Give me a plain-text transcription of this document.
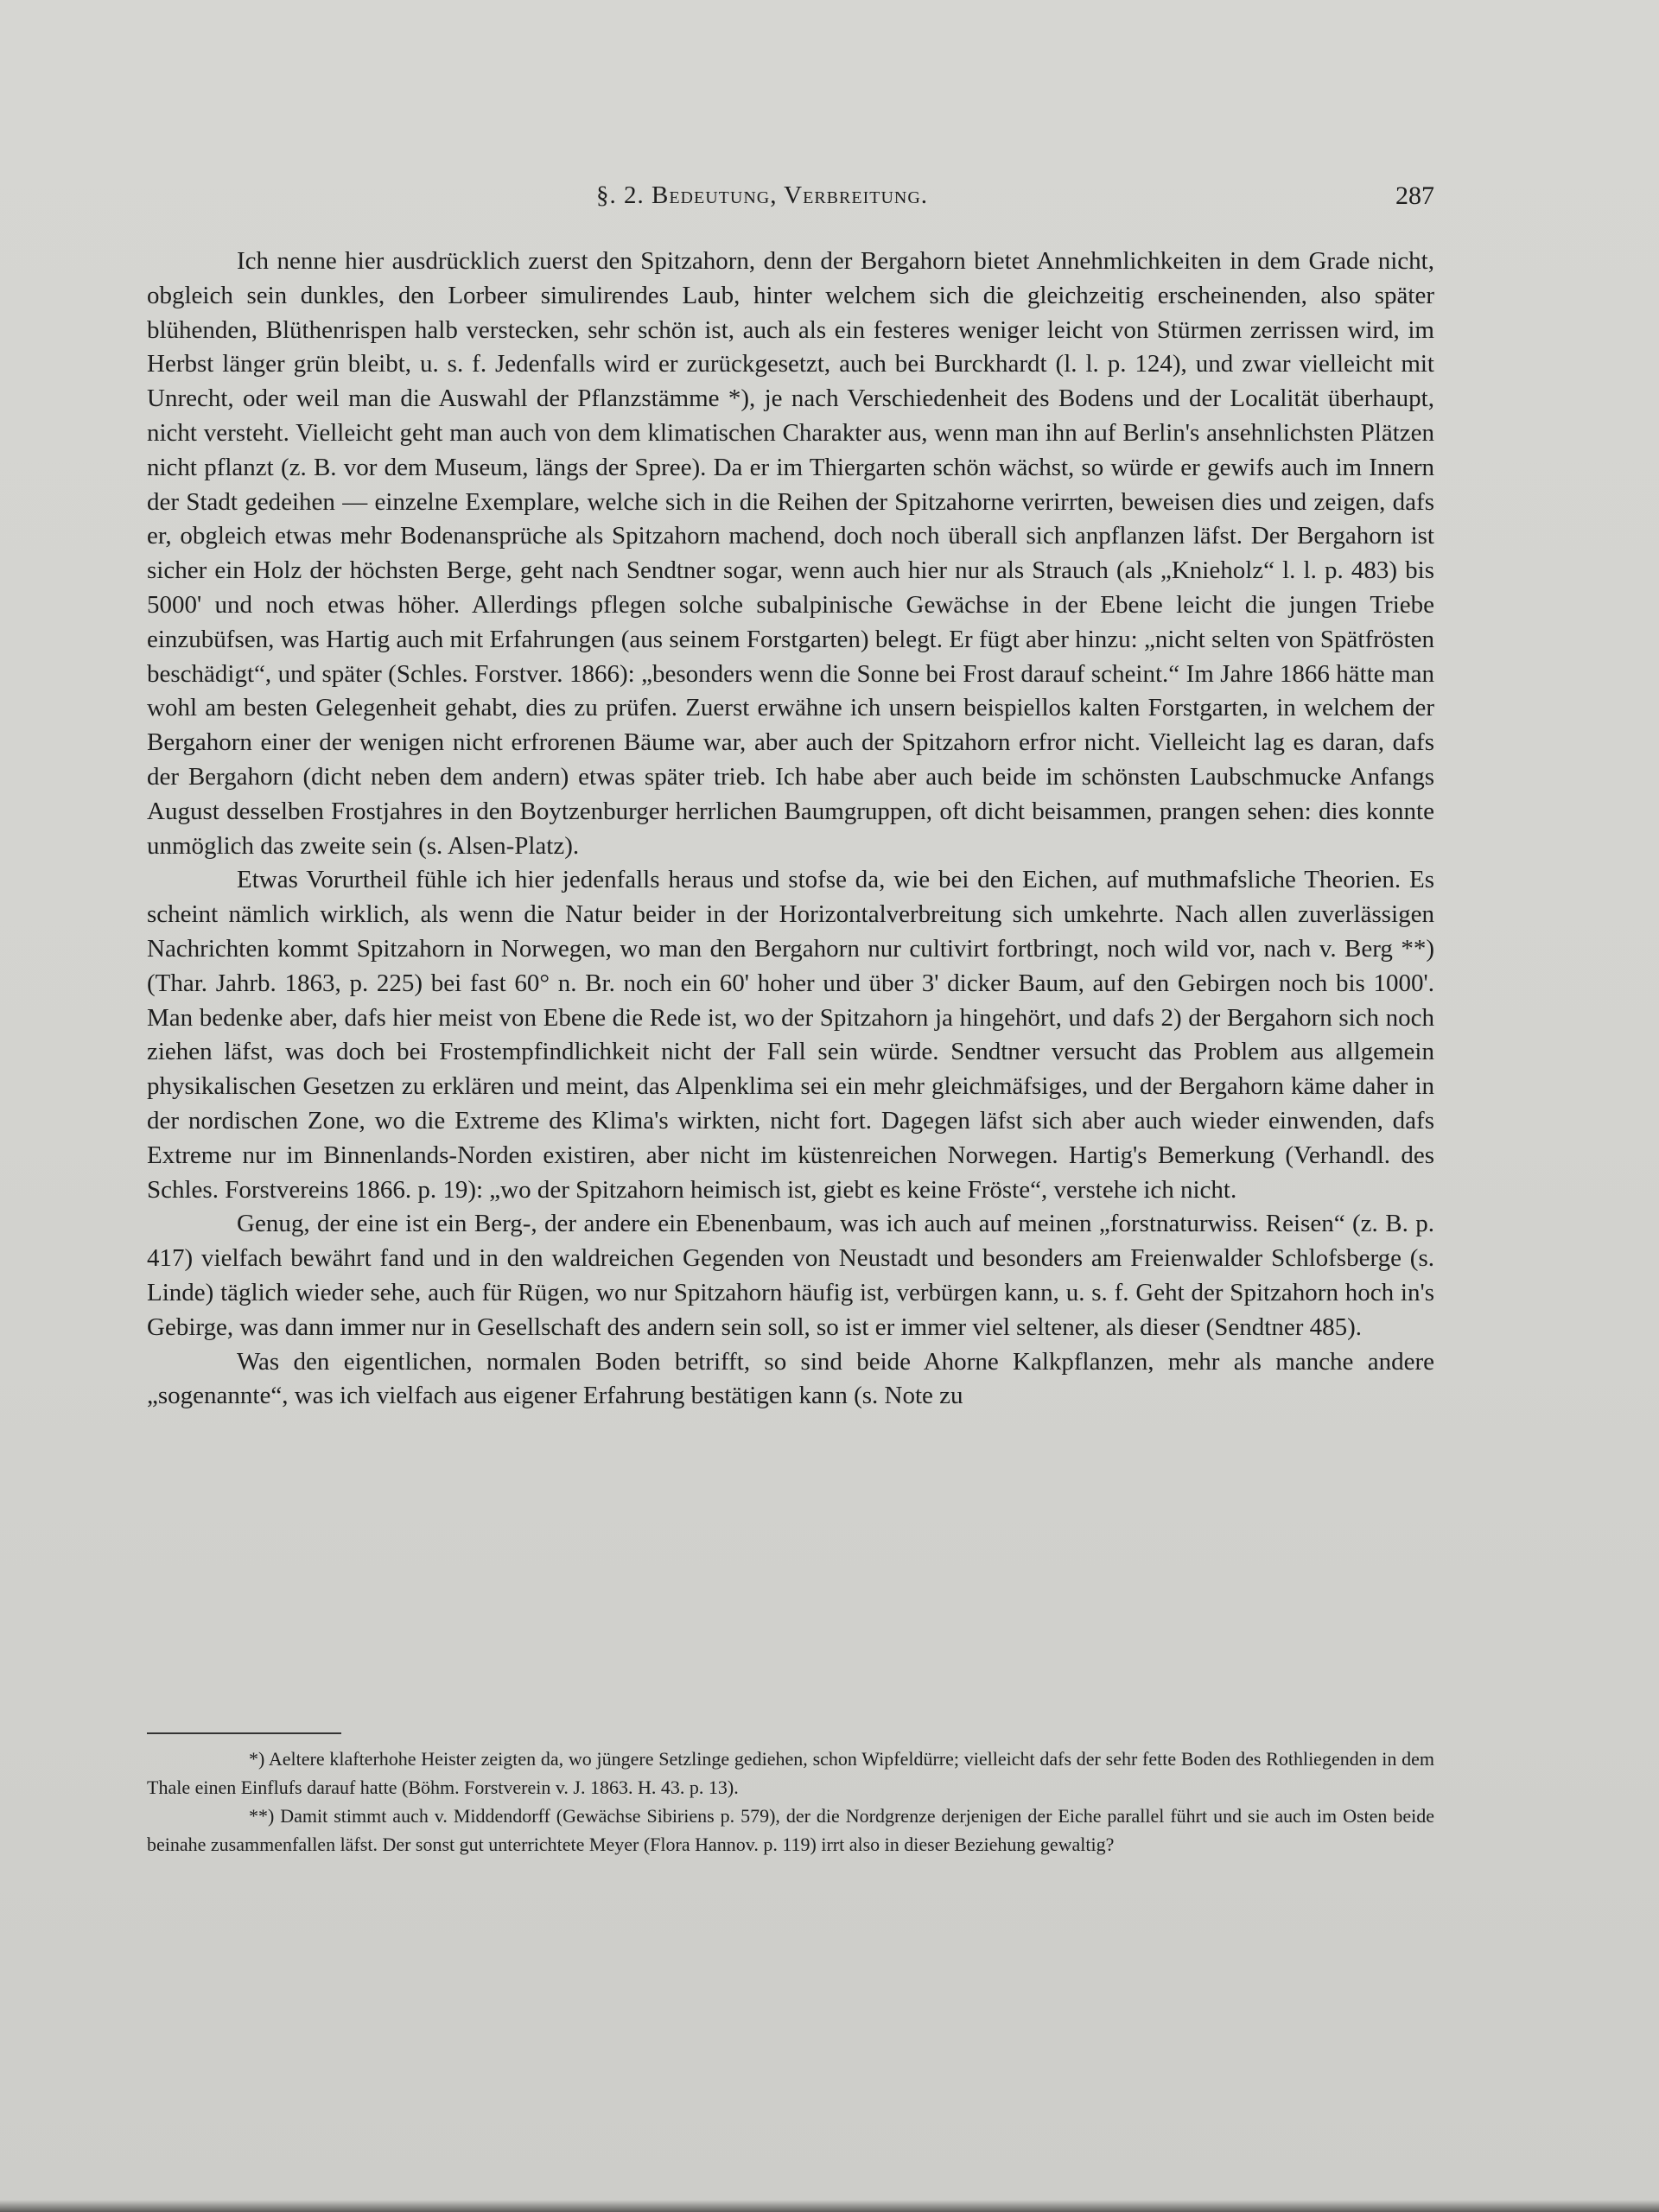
§. 2. Bedeutung, Verbreitung.	287

Ich nenne hier ausdrücklich zuerst den Spitzahorn, denn der Bergahorn bietet Annehmlichkeiten in dem Grade nicht, obgleich sein dunkles, den Lorbeer simulirendes Laub, hinter welchem sich die gleichzeitig erscheinenden, also später blühenden, Blüthenrispen halb verstecken, sehr schön ist, auch als ein festeres weniger leicht von Stürmen zerrissen wird, im Herbst länger grün bleibt, u. s. f. Jedenfalls wird er zurückgesetzt, auch bei Burckhardt (l. l. p. 124), und zwar vielleicht mit Unrecht, oder weil man die Auswahl der Pflanzstämme *), je nach Verschiedenheit des Bodens und der Localität überhaupt, nicht versteht. Vielleicht geht man auch von dem klimatischen Charakter aus, wenn man ihn auf Berlin's ansehnlichsten Plätzen nicht pflanzt (z. B. vor dem Museum, längs der Spree). Da er im Thiergarten schön wächst, so würde er gewifs auch im Innern der Stadt gedeihen — einzelne Exemplare, welche sich in die Reihen der Spitzahorne verirrten, beweisen dies und zeigen, dafs er, obgleich etwas mehr Bodenansprüche als Spitzahorn machend, doch noch überall sich anpflanzen läfst. Der Bergahorn ist sicher ein Holz der höchsten Berge, geht nach Sendtner sogar, wenn auch hier nur als Strauch (als „Knieholz“ l. l. p. 483) bis 5000' und noch etwas höher. Allerdings pflegen solche subalpinische Gewächse in der Ebene leicht die jungen Triebe einzubüfsen, was Hartig auch mit Erfahrungen (aus seinem Forstgarten) belegt. Er fügt aber hinzu: „nicht selten von Spätfrösten beschädigt“, und später (Schles. Forstver. 1866): „besonders wenn die Sonne bei Frost darauf scheint.“ Im Jahre 1866 hätte man wohl am besten Gelegenheit gehabt, dies zu prüfen. Zuerst erwähne ich unsern beispiellos kalten Forstgarten, in welchem der Bergahorn einer der wenigen nicht erfrorenen Bäume war, aber auch der Spitzahorn erfror nicht. Vielleicht lag es daran, dafs der Bergahorn (dicht neben dem andern) etwas später trieb. Ich habe aber auch beide im schönsten Laubschmucke Anfangs August desselben Frostjahres in den Boytzenburger herrlichen Baumgruppen, oft dicht beisammen, prangen sehen: dies konnte unmöglich das zweite sein (s. Alsen-Platz).

Etwas Vorurtheil fühle ich hier jedenfalls heraus und stofse da, wie bei den Eichen, auf muthmafsliche Theorien. Es scheint nämlich wirklich, als wenn die Natur beider in der Horizontalverbreitung sich umkehrte. Nach allen zuverlässigen Nachrichten kommt Spitzahorn in Norwegen, wo man den Bergahorn nur cultivirt fortbringt, noch wild vor, nach v. Berg **) (Thar. Jahrb. 1863, p. 225) bei fast 60° n. Br. noch ein 60' hoher und über 3' dicker Baum, auf den Gebirgen noch bis 1000'. Man bedenke aber, dafs hier meist von Ebene die Rede ist, wo der Spitzahorn ja hingehört, und dafs 2) der Bergahorn sich noch ziehen läfst, was doch bei Frostempfindlichkeit nicht der Fall sein würde. Sendtner versucht das Problem aus allgemein physikalischen Gesetzen zu erklären und meint, das Alpenklima sei ein mehr gleichmäfsiges, und der Bergahorn käme daher in der nordischen Zone, wo die Extreme des Klima's wirkten, nicht fort. Dagegen läfst sich aber auch wieder einwenden, dafs Extreme nur im Binnenlands-Norden existiren, aber nicht im küstenreichen Norwegen. Hartig's Bemerkung (Verhandl. des Schles. Forstvereins 1866. p. 19): „wo der Spitzahorn heimisch ist, giebt es keine Fröste“, verstehe ich nicht.

Genug, der eine ist ein Berg-, der andere ein Ebenenbaum, was ich auch auf meinen „forstnaturwiss. Reisen“ (z. B. p. 417) vielfach bewährt fand und in den waldreichen Gegenden von Neustadt und besonders am Freienwalder Schlofsberge (s. Linde) täglich wieder sehe, auch für Rügen, wo nur Spitzahorn häufig ist, verbürgen kann, u. s. f. Geht der Spitzahorn hoch in's Gebirge, was dann immer nur in Gesellschaft des andern sein soll, so ist er immer viel seltener, als dieser (Sendtner 485).

Was den eigentlichen, normalen Boden betrifft, so sind beide Ahorne Kalkpflanzen, mehr als manche andere „sogenannte“, was ich vielfach aus eigener Erfahrung bestätigen kann (s. Note zu

*) Aeltere klafterhohe Heister zeigten da, wo jüngere Setzlinge gediehen, schon Wipfeldürre; vielleicht dafs der sehr fette Boden des Rothliegenden in dem Thale einen Einflufs darauf hatte (Böhm. Forstverein v. J. 1863. H. 43. p. 13).

**) Damit stimmt auch v. Middendorff (Gewächse Sibiriens p. 579), der die Nordgrenze derjenigen der Eiche parallel führt und sie auch im Osten beide beinahe zusammenfallen läfst. Der sonst gut unterrichtete Meyer (Flora Hannov. p. 119) irrt also in dieser Beziehung gewaltig?
